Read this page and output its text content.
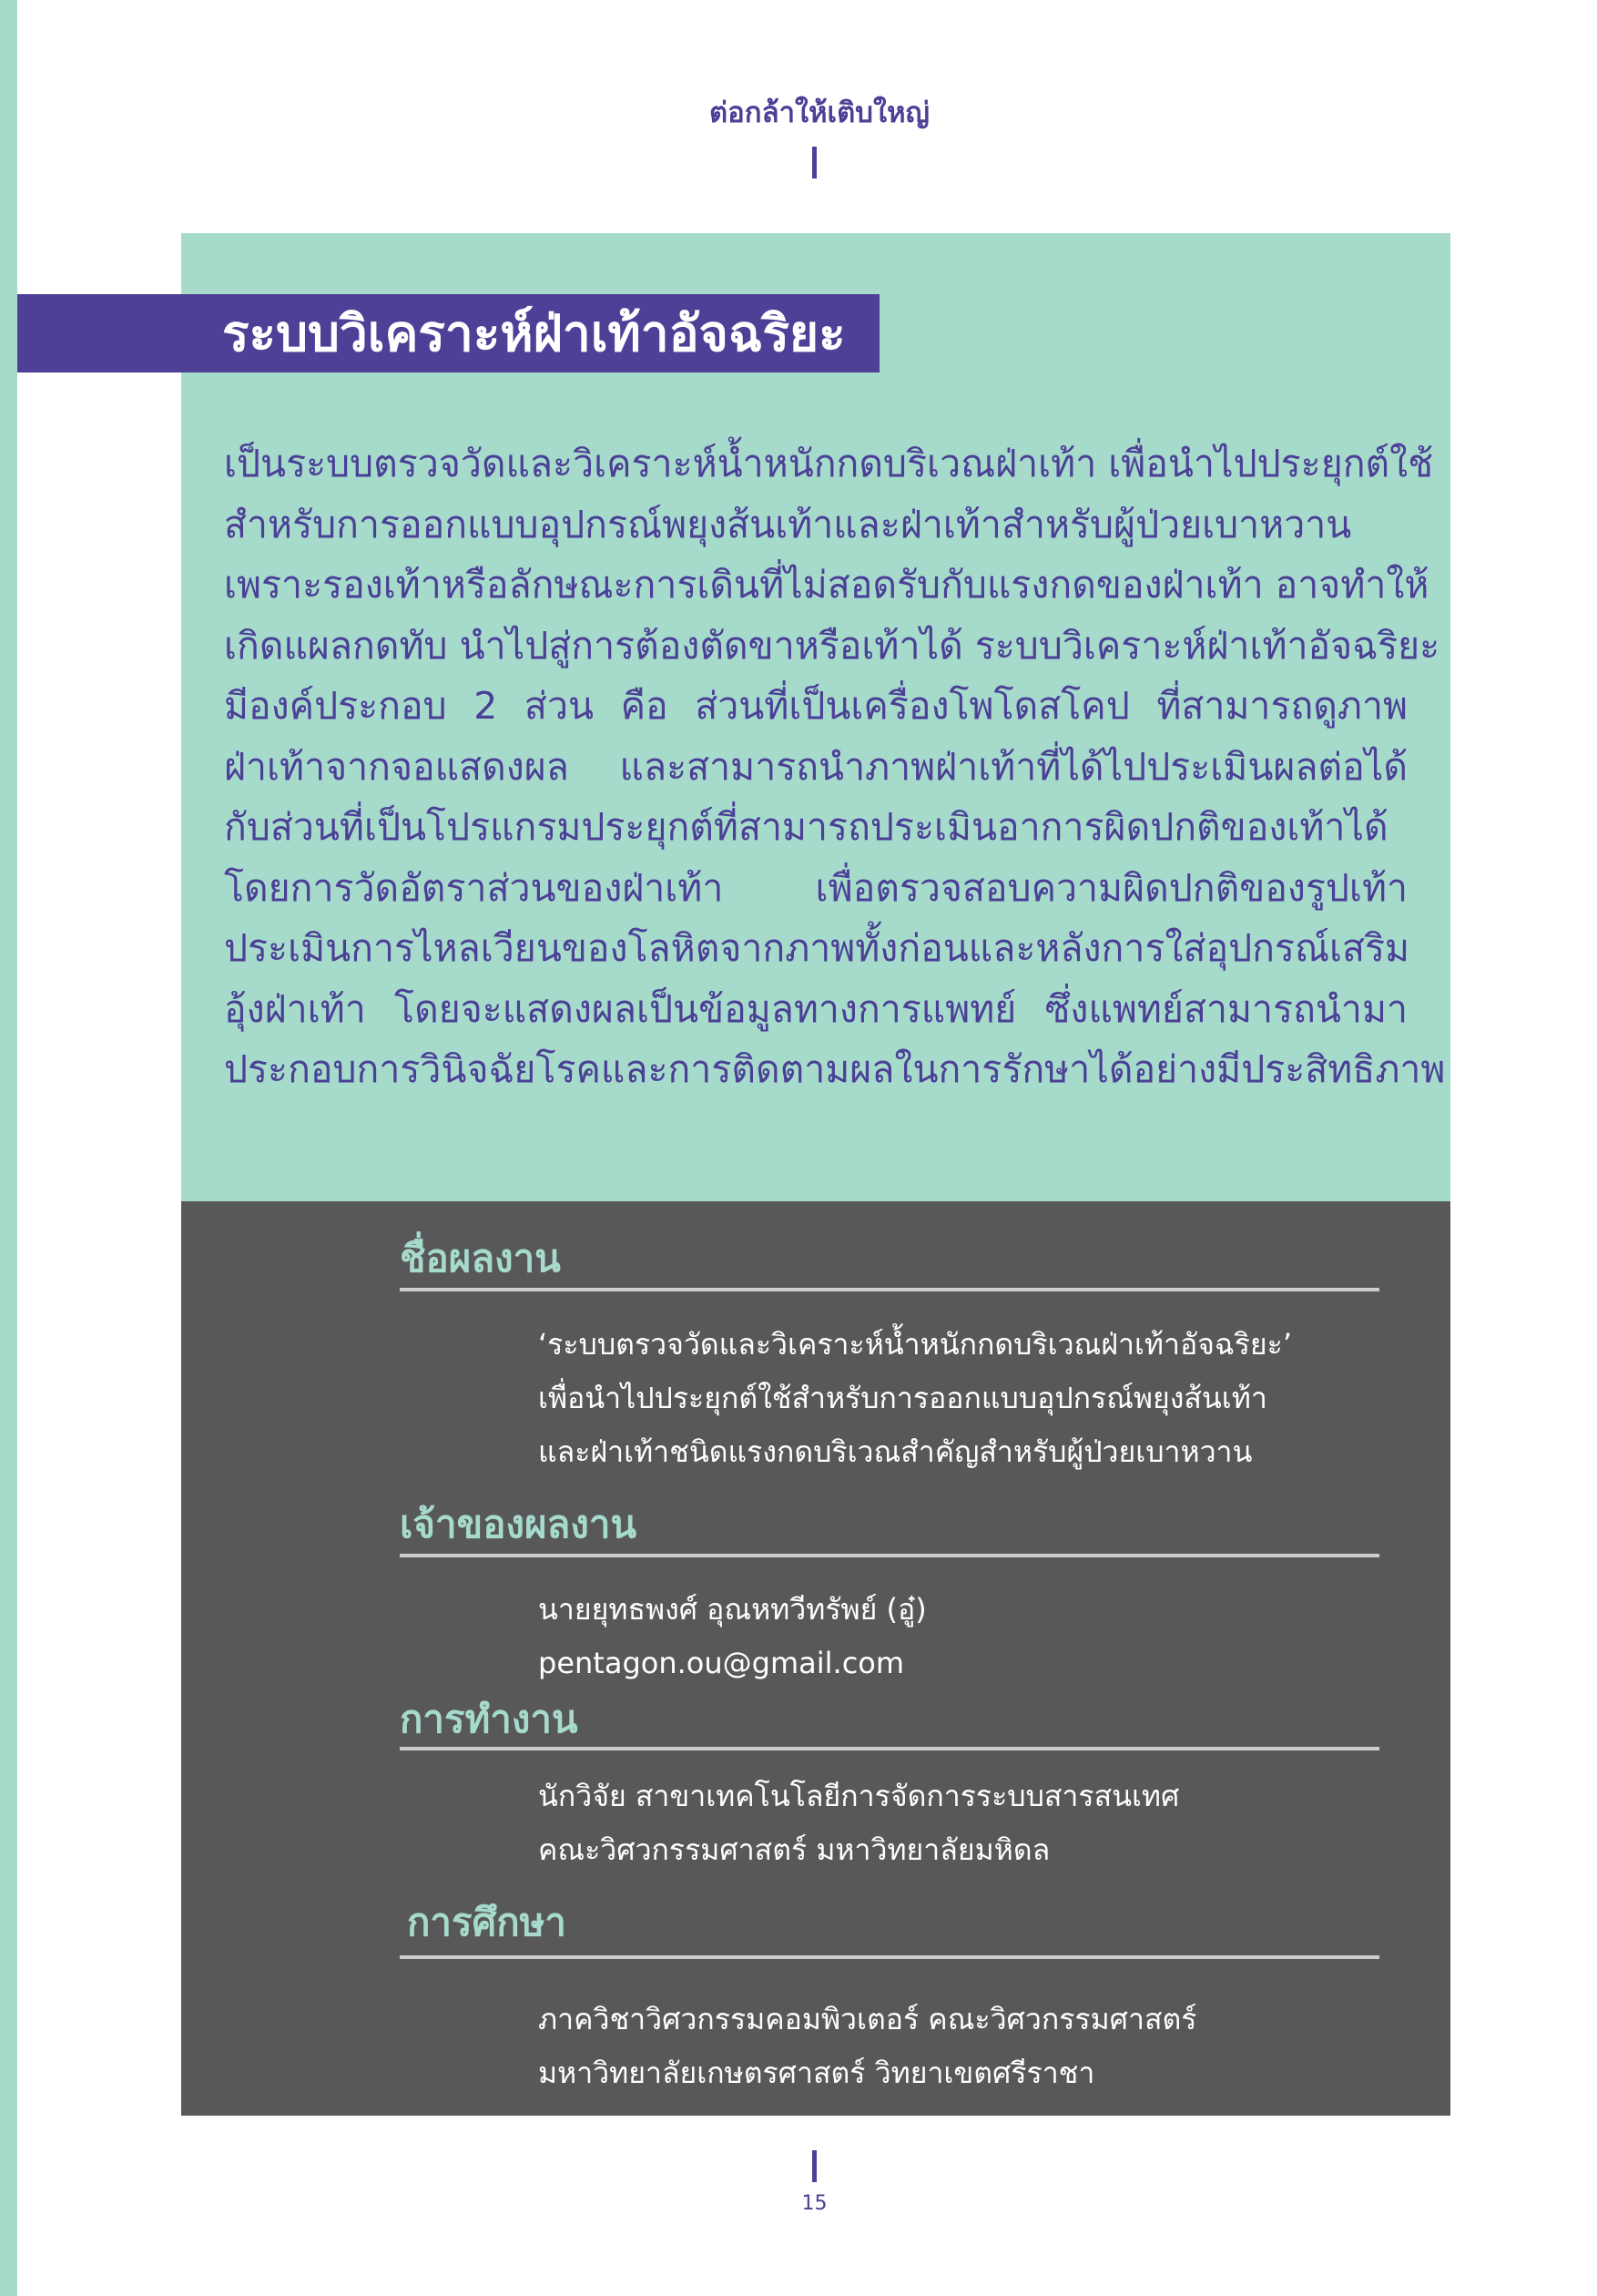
ต่อกล้าให้เติบใหญ่
ระบบวิเคราะห์ฝ่าเท้าอัจฉริยะ
เป็นระบบตรวจวัดและวิเคราะห์น้ำหนักกดบริเวณฝ่าเท้า เพื่อนำไปประยุกต์ใช้
สำหรับการออกแบบอุปกรณ์พยุงส้นเท้าและฝ่าเท้าสำหรับผู้ป่วยเบาหวาน
เพราะรองเท้าหรือลักษณะการเดินที่ไม่สอดรับกับแรงกดของฝ่าเท้า อาจทำให้
เกิดแผลกดทับ นำไปสู่การต้องตัดขาหรือเท้าได้ ระบบวิเคราะห์ฝ่าเท้าอัจฉริยะ
มีองค์ประกอบ 2 ส่วน คือ ส่วนที่เป็นเครื่องโพโดสโคป ที่สามารถดูภาพ
ฝ่าเท้าจากจอแสดงผล และสามารถนำภาพฝ่าเท้าที่ได้ไปประเมินผลต่อได้
กับส่วนที่เป็นโปรแกรมประยุกต์ที่สามารถประเมินอาการผิดปกติของเท้าได้
โดยการวัดอัตราส่วนของฝ่าเท้า เพื่อตรวจสอบความผิดปกติของรูปเท้า
ประเมินการไหลเวียนของโลหิตจากภาพทั้งก่อนและหลังการใส่อุปกรณ์เสริม
อุ้งฝ่าเท้า โดยจะแสดงผลเป็นข้อมูลทางการแพทย์ ซึ่งแพทย์สามารถนำมา
ประกอบการวินิจฉัยโรคและการติดตามผลในการรักษาได้อย่างมีประสิทธิภาพ
ชื่อผลงาน
‘ระบบตรวจวัดและวิเคราะห์น้ำหนักกดบริเวณฝ่าเท้าอัจฉริยะ’
เพื่อนำไปประยุกต์ใช้สำหรับการออกแบบอุปกรณ์พยุงส้นเท้า
และฝ่าเท้าชนิดแรงกดบริเวณสำคัญสำหรับผู้ป่วยเบาหวาน
เจ้าของผลงาน
นายยุทธพงศ์ อุณหทวีทรัพย์ (อู๋)
pentagon.ou@gmail.com
การทำงาน
นักวิจัย สาขาเทคโนโลยีการจัดการระบบสารสนเทศ
คณะวิศวกรรมศาสตร์ มหาวิทยาลัยมหิดล
การศึกษา
ภาควิชาวิศวกรรมคอมพิวเตอร์ คณะวิศวกรรมศาสตร์
มหาวิทยาลัยเกษตรศาสตร์ วิทยาเขตศรีราชา
15
